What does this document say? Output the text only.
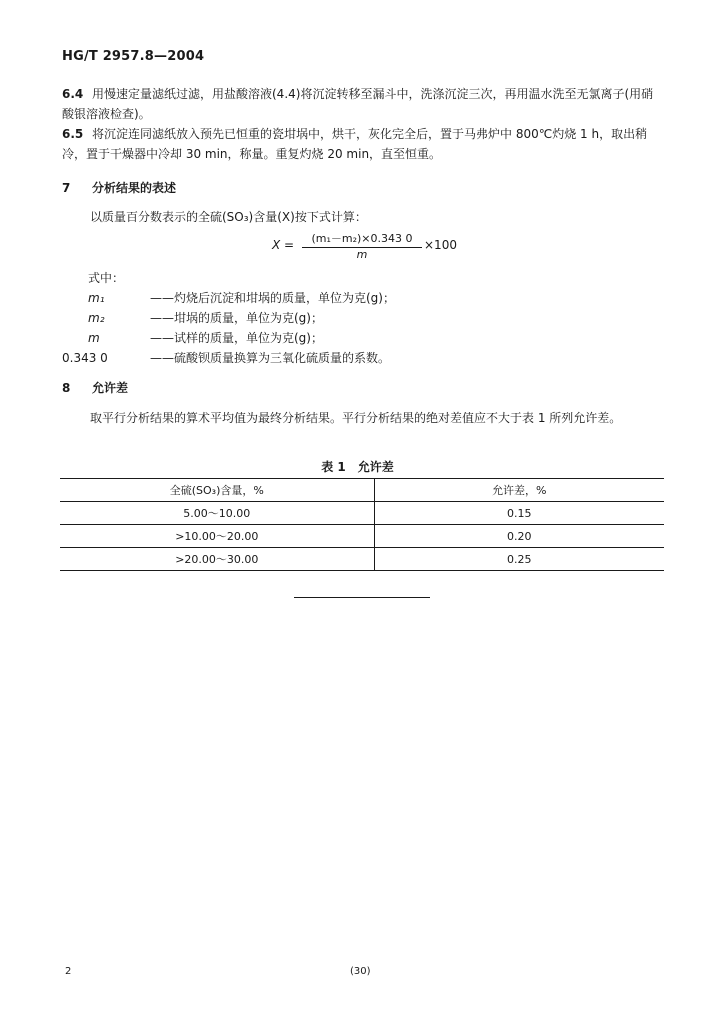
HG/T 2957.8—2004
6.4 用慢速定量滤纸过滤，用盐酸溶液(4.4)将沉淀转移至漏斗中，洗涤沉淀三次，再用温水洗至无氯离子(用硝酸银溶液检查)。
6.5 将沉淀连同滤纸放入预先已恒重的瓷坩埚中，烘干，灰化完全后，置于马弗炉中 800℃灼烧 1 h，取出稍冷，置于干燥器中冷却 30 min，称量。重复灼烧 20 min，直至恒重。
7 分析结果的表述
以质量百分数表示的全硫(SO₃)含量(X)按下式计算：
$X = \frac{\text{(m₁－m₂)×0.343 0}}{m} \times 100$
式中：
m₁	——灼烧后沉淀和坩埚的质量，单位为克(g)；
m₂	——坩埚的质量，单位为克(g)；
m	——试样的质量，单位为克(g)；
0.343 0	——硫酸钡质量换算为三氧化硫质量的系数。
8 允许差
取平行分析结果的算术平均值为最终分析结果。平行分析结果的绝对差值应不大于表 1 所列允许差。
表 1　允许差
全硫(SO₃)含量，%	允许差，%
5.00～10.00	0.15
>10.00～20.00	0.20
>20.00～30.00	0.25
2	(30)
